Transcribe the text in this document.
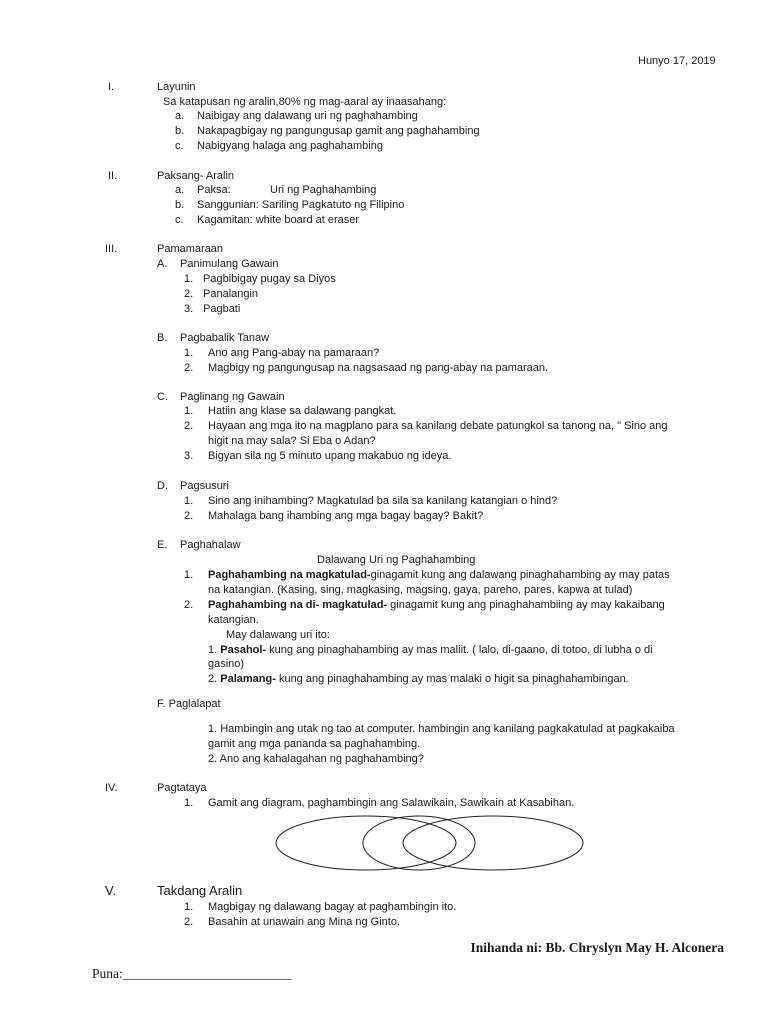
Hunyo 17, 2019
I.	Layunin
Sa katapusan ng aralin,80% ng mag-aaral ay inaasahang:
a. Naibigay ang dalawang uri ng paghahambing
b. Nakapagbigay ng pangungusap gamit ang paghahambing
c. Nabigyang halaga ang paghahambing
II.	Paksang- Aralin
a. Paksa:	Uri ng Paghahambing
b. Sanggunian: Sariling Pagkatuto ng Filipino
c. Kagamitan: white board at eraser
III.	Pamamaraan
A. Panimulang Gawain
1. Pagbibigay pugay sa Diyos
2. Panalangin
3. Pagbati
B. Pagbabalik Tanaw
1. Ano ang Pang-abay na pamaraan?
2. Magbigy ng pangungusap na nagsasaad ng pang-abay na pamaraan.
C. Paglinang ng Gawain
1. Hatiin ang klase sa dalawang pangkat.
2. Hayaan ang mga ito na magplano para sa kanilang debate patungkol sa tanong na, " Sino ang
higit na may sala? Si Eba o Adan?
3. Bigyan sila ng 5 minuto upang makabuo ng ideya.
D. Pagsusuri
1. Sino ang inihambing? Magkatulad ba sila sa kanilang katangian o hind?
2. Mahalaga bang ihambing ang mga bagay bagay? Bakit?
E. Paghahalaw
Dalawang Uri ng Paghahambing
1. Paghahambing na magkatulad-ginagamit kung ang dalawang pinaghahambing ay may patas
na katangian. (Kasing, sing, magkasing, magsing, gaya, pareho, pares, kapwa at tulad)
2. Paghahambing na di- magkatulad- ginagamit kung ang pinaghahambiing ay may kakaibang
katangian.
May dalawang uri ito:
1. Pasahol- kung ang pinaghahambing ay mas maliit. ( lalo, di-gaano, di totoo, di lubha o di
gasino)
2. Palamang- kung ang pinaghahambing ay mas malaki o higit sa pinaghahambingan.
F. Paglalapat
1. Hambingin ang utak ng tao at computer. hambingin ang kanilang pagkakatulad at pagkakaiba
gamit ang mga pananda sa paghahambing.
2. Ano ang kahalagahan ng paghahambing?
IV.	Pagtataya
1. Gamit ang diagram, paghambingin ang Salawikain, Sawikain at Kasabihan.
V.	Takdang Aralin
1. Magbigay ng dalawang bagay at paghambingin ito.
2. Basahin at unawain ang Mina ng Ginto.
Inihanda ni: Bb. Chryslyn May H. Alconera
Puna:_________________________
